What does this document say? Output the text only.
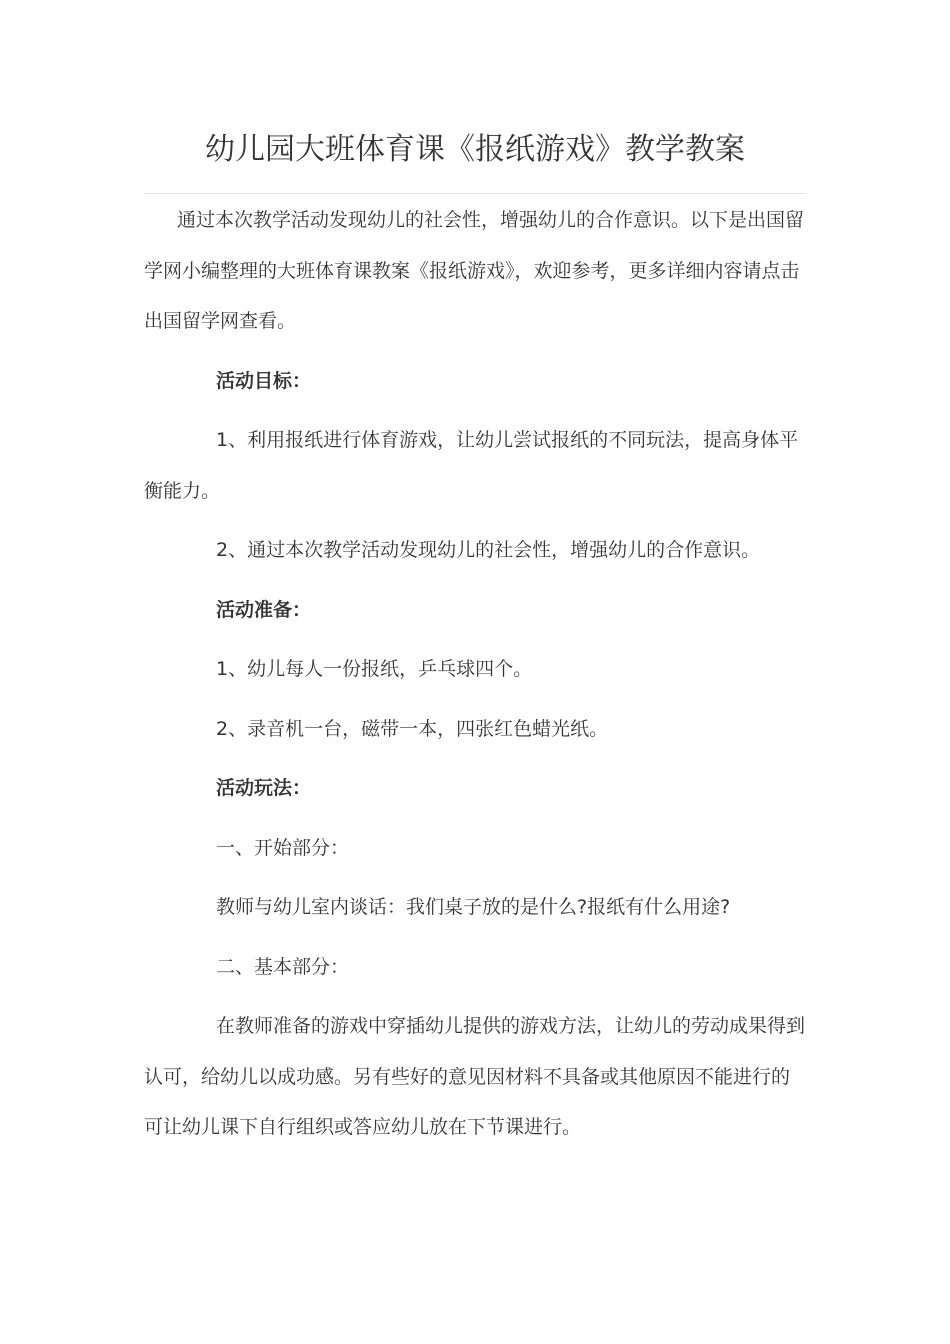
幼儿园大班体育课《报纸游戏》教学教案

通过本次教学活动发现幼儿的社会性，增强幼儿的合作意识。以下是出国留学网小编整理的大班体育课教案《报纸游戏》，欢迎参考，更多详细内容请点击出国留学网查看。

活动目标：

1、利用报纸进行体育游戏，让幼儿尝试报纸的不同玩法，提高身体平衡能力。

2、通过本次教学活动发现幼儿的社会性，增强幼儿的合作意识。

活动准备：

1、幼儿每人一份报纸，乒乓球四个。

2、录音机一台，磁带一本，四张红色蜡光纸。

活动玩法：

一、开始部分：

教师与幼儿室内谈话：我们桌子放的是什么?报纸有什么用途?

二、基本部分：

在教师准备的游戏中穿插幼儿提供的游戏方法，让幼儿的劳动成果得到认可，给幼儿以成功感。另有些好的意见因材料不具备或其他原因不能进行的可让幼儿课下自行组织或答应幼儿放在下节课进行。
